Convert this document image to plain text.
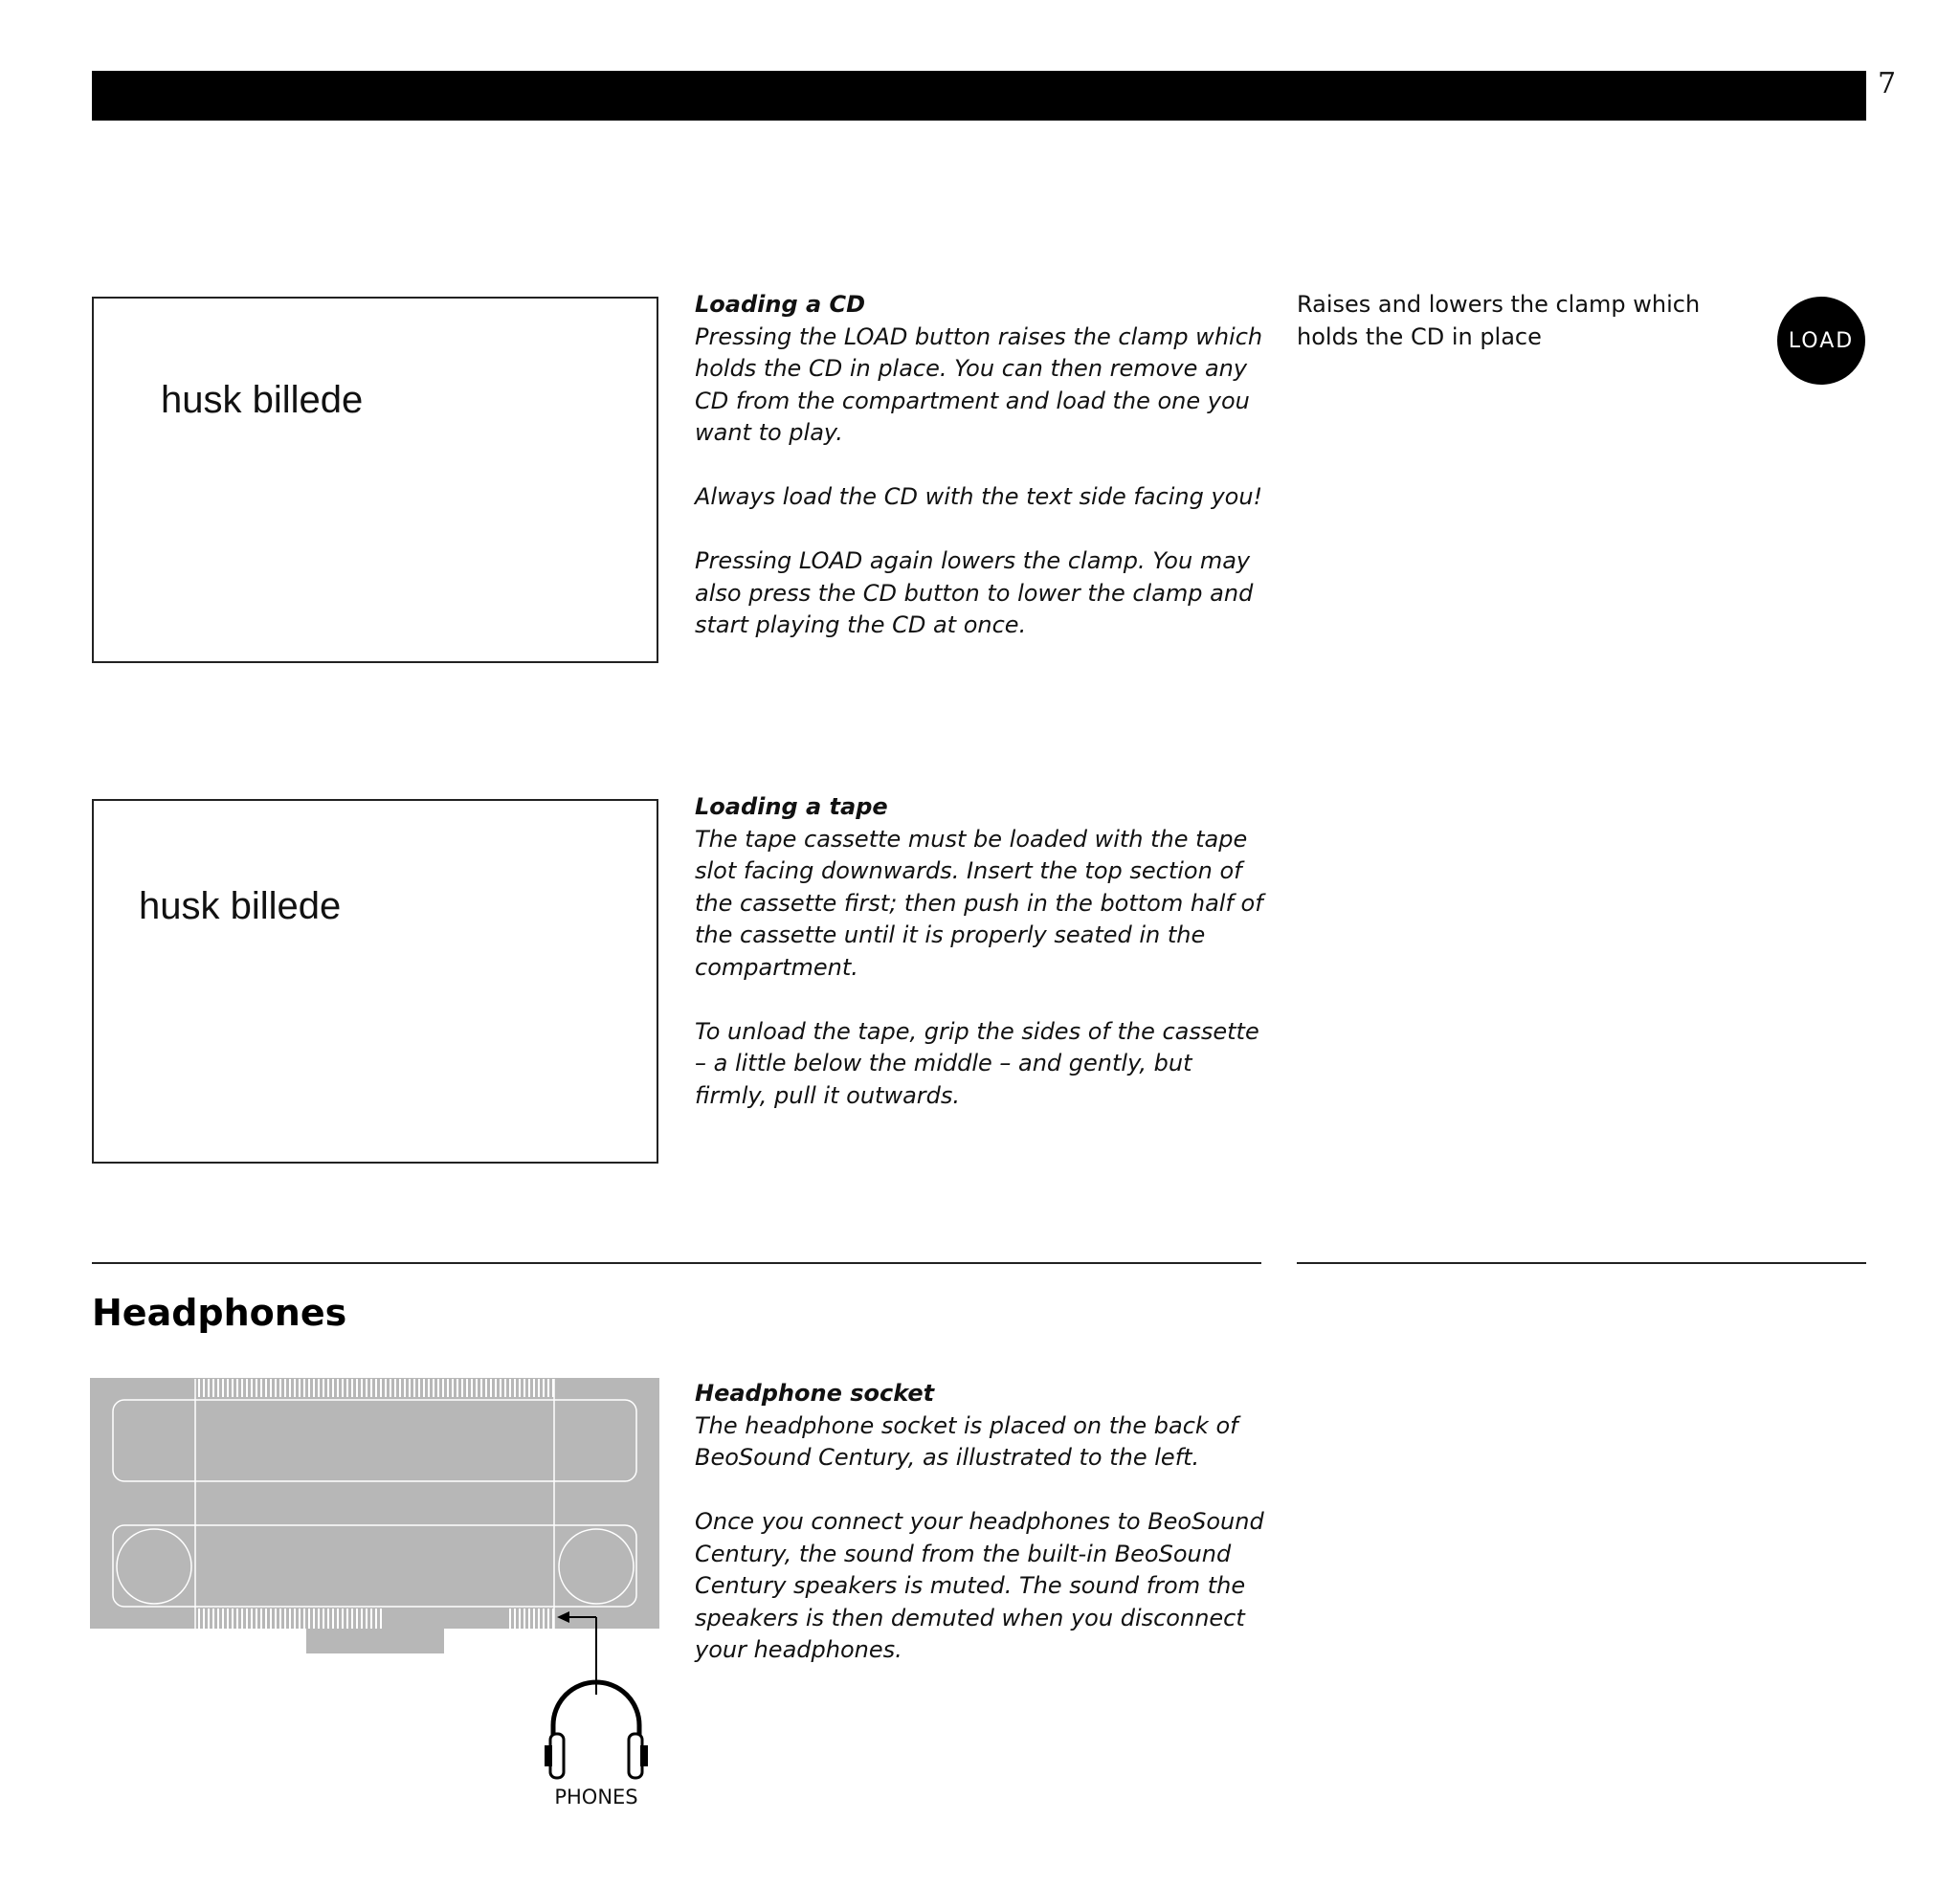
7
husk billede
Loading a CD

Pressing the LOAD button raises the clamp which holds the CD in place. You can then remove any CD from the compartment and load the one you want to play.

Always load the CD with the text side facing you!

Pressing LOAD again lowers the clamp. You may also press the CD button to lower the clamp and start playing the CD at once.

Raises and lowers the clamp which holds the CD in place	LOAD
husk billede
Loading a tape

The tape cassette must be loaded with the tape slot facing downwards. Insert the top section of the cassette first; then push in the bottom half of the cassette until it is properly seated in the compartment.

To unload the tape, grip the sides of the cassette – a little below the middle – and gently, but firmly, pull it outwards.

Headphones
PHONES
Headphone socket

The headphone socket is placed on the back of BeoSound Century, as illustrated to the left.

Once you connect your headphones to BeoSound Century, the sound from the built-in BeoSound Century speakers is muted. The sound from the speakers is then demuted when you disconnect your headphones.
